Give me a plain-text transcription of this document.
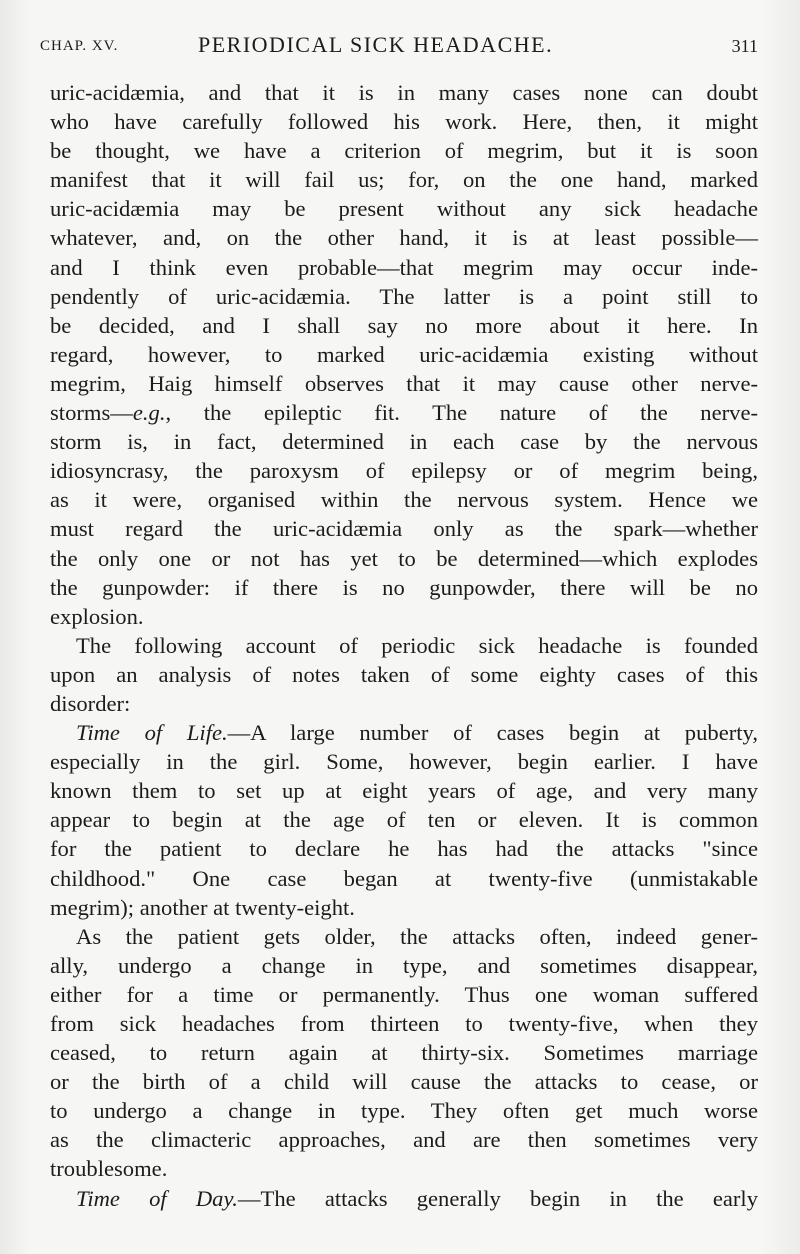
CHAP. XV.	PERIODICAL SICK HEADACHE.	311
uric-acidæmia, and that it is in many cases none can doubt
who have carefully followed his work. Here, then, it might
be thought, we have a criterion of megrim, but it is soon
manifest that it will fail us; for, on the one hand, marked
uric-acidæmia may be present without any sick headache
whatever, and, on the other hand, it is at least possible—
and I think even probable—that megrim may occur inde-
pendently of uric-acidæmia. The latter is a point still to
be decided, and I shall say no more about it here. In
regard, however, to marked uric-acidæmia existing without
megrim, Haig himself observes that it may cause other nerve-
storms—e.g., the epileptic fit. The nature of the nerve-
storm is, in fact, determined in each case by the nervous
idiosyncrasy, the paroxysm of epilepsy or of megrim being,
as it were, organised within the nervous system. Hence we
must regard the uric-acidæmia only as the spark—whether
the only one or not has yet to be determined—which explodes
the gunpowder: if there is no gunpowder, there will be no
explosion.
The following account of periodic sick headache is founded
upon an analysis of notes taken of some eighty cases of this
disorder:
Time of Life.—A large number of cases begin at puberty,
especially in the girl. Some, however, begin earlier. I have
known them to set up at eight years of age, and very many
appear to begin at the age of ten or eleven. It is common
for the patient to declare he has had the attacks "since
childhood." One case began at twenty-five (unmistakable
megrim); another at twenty-eight.
As the patient gets older, the attacks often, indeed gener-
ally, undergo a change in type, and sometimes disappear,
either for a time or permanently. Thus one woman suffered
from sick headaches from thirteen to twenty-five, when they
ceased, to return again at thirty-six. Sometimes marriage
or the birth of a child will cause the attacks to cease, or
to undergo a change in type. They often get much worse
as the climacteric approaches, and are then sometimes very
troublesome.
Time of Day.—The attacks generally begin in the early
